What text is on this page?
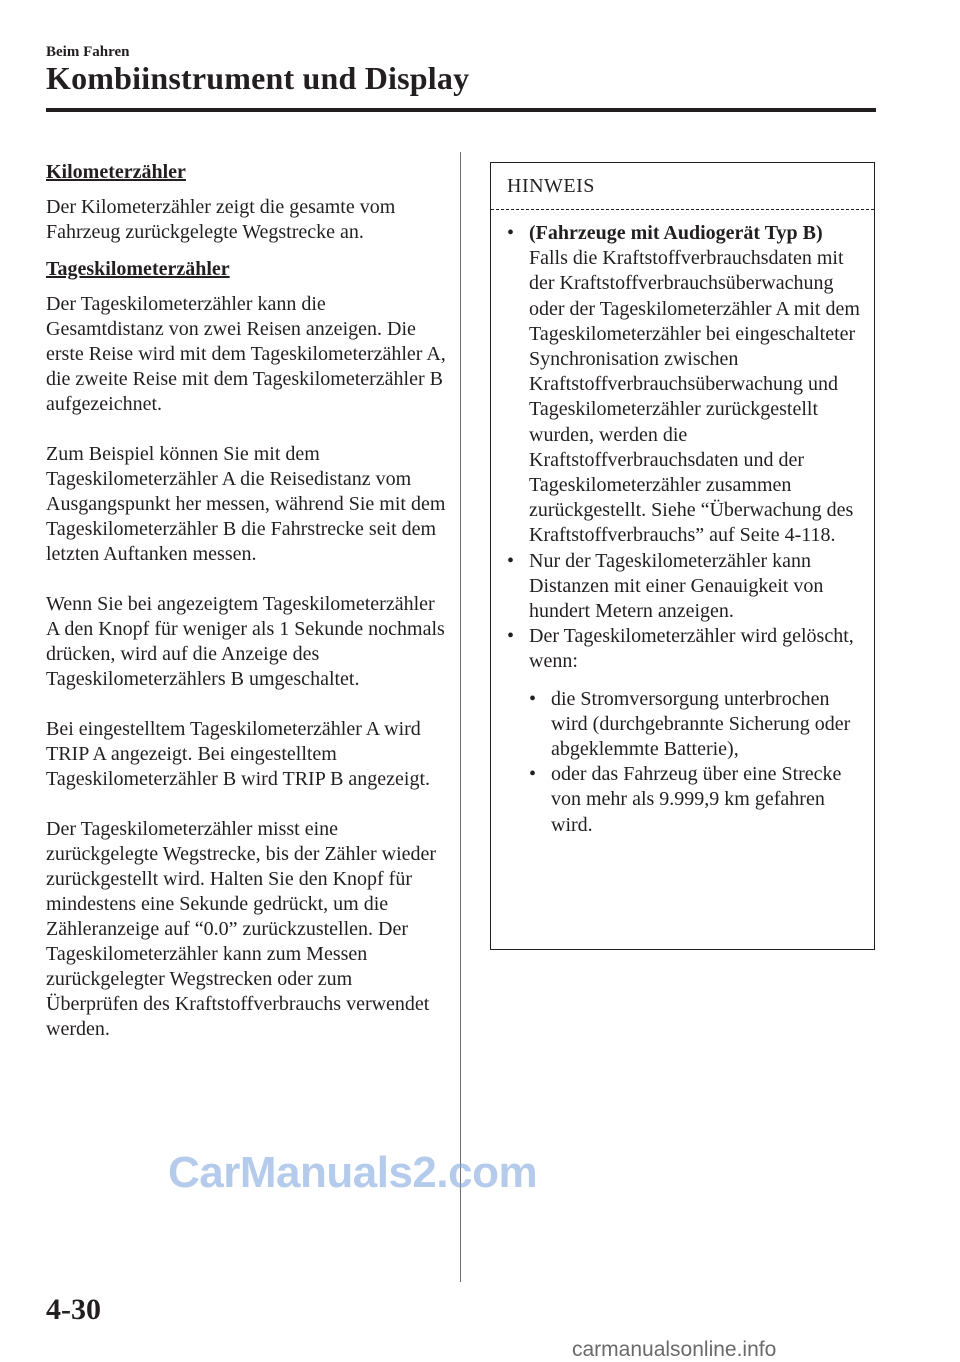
Beim Fahren
Kombiinstrument und Display
Kilometerzähler

Der Kilometerzähler zeigt die gesamte vom Fahrzeug zurückgelegte Wegstrecke an.

Tageskilometerzähler

Der Tageskilometerzähler kann die Gesamtdistanz von zwei Reisen anzeigen. Die erste Reise wird mit dem Tageskilometerzähler A, die zweite Reise mit dem Tageskilometerzähler B aufgezeichnet.

Zum Beispiel können Sie mit dem Tageskilometerzähler A die Reisedistanz vom Ausgangspunkt her messen, während Sie mit dem Tageskilometerzähler B die Fahrstrecke seit dem letzten Auftanken messen.

Wenn Sie bei angezeigtem Tageskilometerzähler A den Knopf für weniger als 1 Sekunde nochmals drücken, wird auf die Anzeige des Tageskilometerzählers B umgeschaltet.

Bei eingestelltem Tageskilometerzähler A wird TRIP A angezeigt. Bei eingestelltem Tageskilometerzähler B wird TRIP B angezeigt.

Der Tageskilometerzähler misst eine zurückgelegte Wegstrecke, bis der Zähler wieder zurückgestellt wird. Halten Sie den Knopf für mindestens eine Sekunde gedrückt, um die Zähleranzeige auf “0.0” zurückzustellen. Der Tageskilometerzähler kann zum Messen zurückgelegter Wegstrecken oder zum Überprüfen des Kraftstoffverbrauchs verwendet werden.

HINWEIS
• (Fahrzeuge mit Audiogerät Typ B)
Falls die Kraftstoffverbrauchsdaten mit der Kraftstoffverbrauchsüberwachung oder der Tageskilometerzähler A mit dem Tageskilometerzähler bei eingeschalteter Synchronisation zwischen Kraftstoffverbrauchsüberwachung und Tageskilometerzähler zurückgestellt wurden, werden die Kraftstoffverbrauchsdaten und der Tageskilometerzähler zusammen zurückgestellt. Siehe “Überwachung des Kraftstoffverbrauchs” auf Seite 4-118.
• Nur der Tageskilometerzähler kann Distanzen mit einer Genauigkeit von hundert Metern anzeigen.
• Der Tageskilometerzähler wird gelöscht, wenn:
• die Stromversorgung unterbrochen wird (durchgebrannte Sicherung oder abgeklemmte Batterie),
• oder das Fahrzeug über eine Strecke von mehr als 9.999,9 km gefahren wird.
CarManuals2.com
4-30
carmanualsonline.info
